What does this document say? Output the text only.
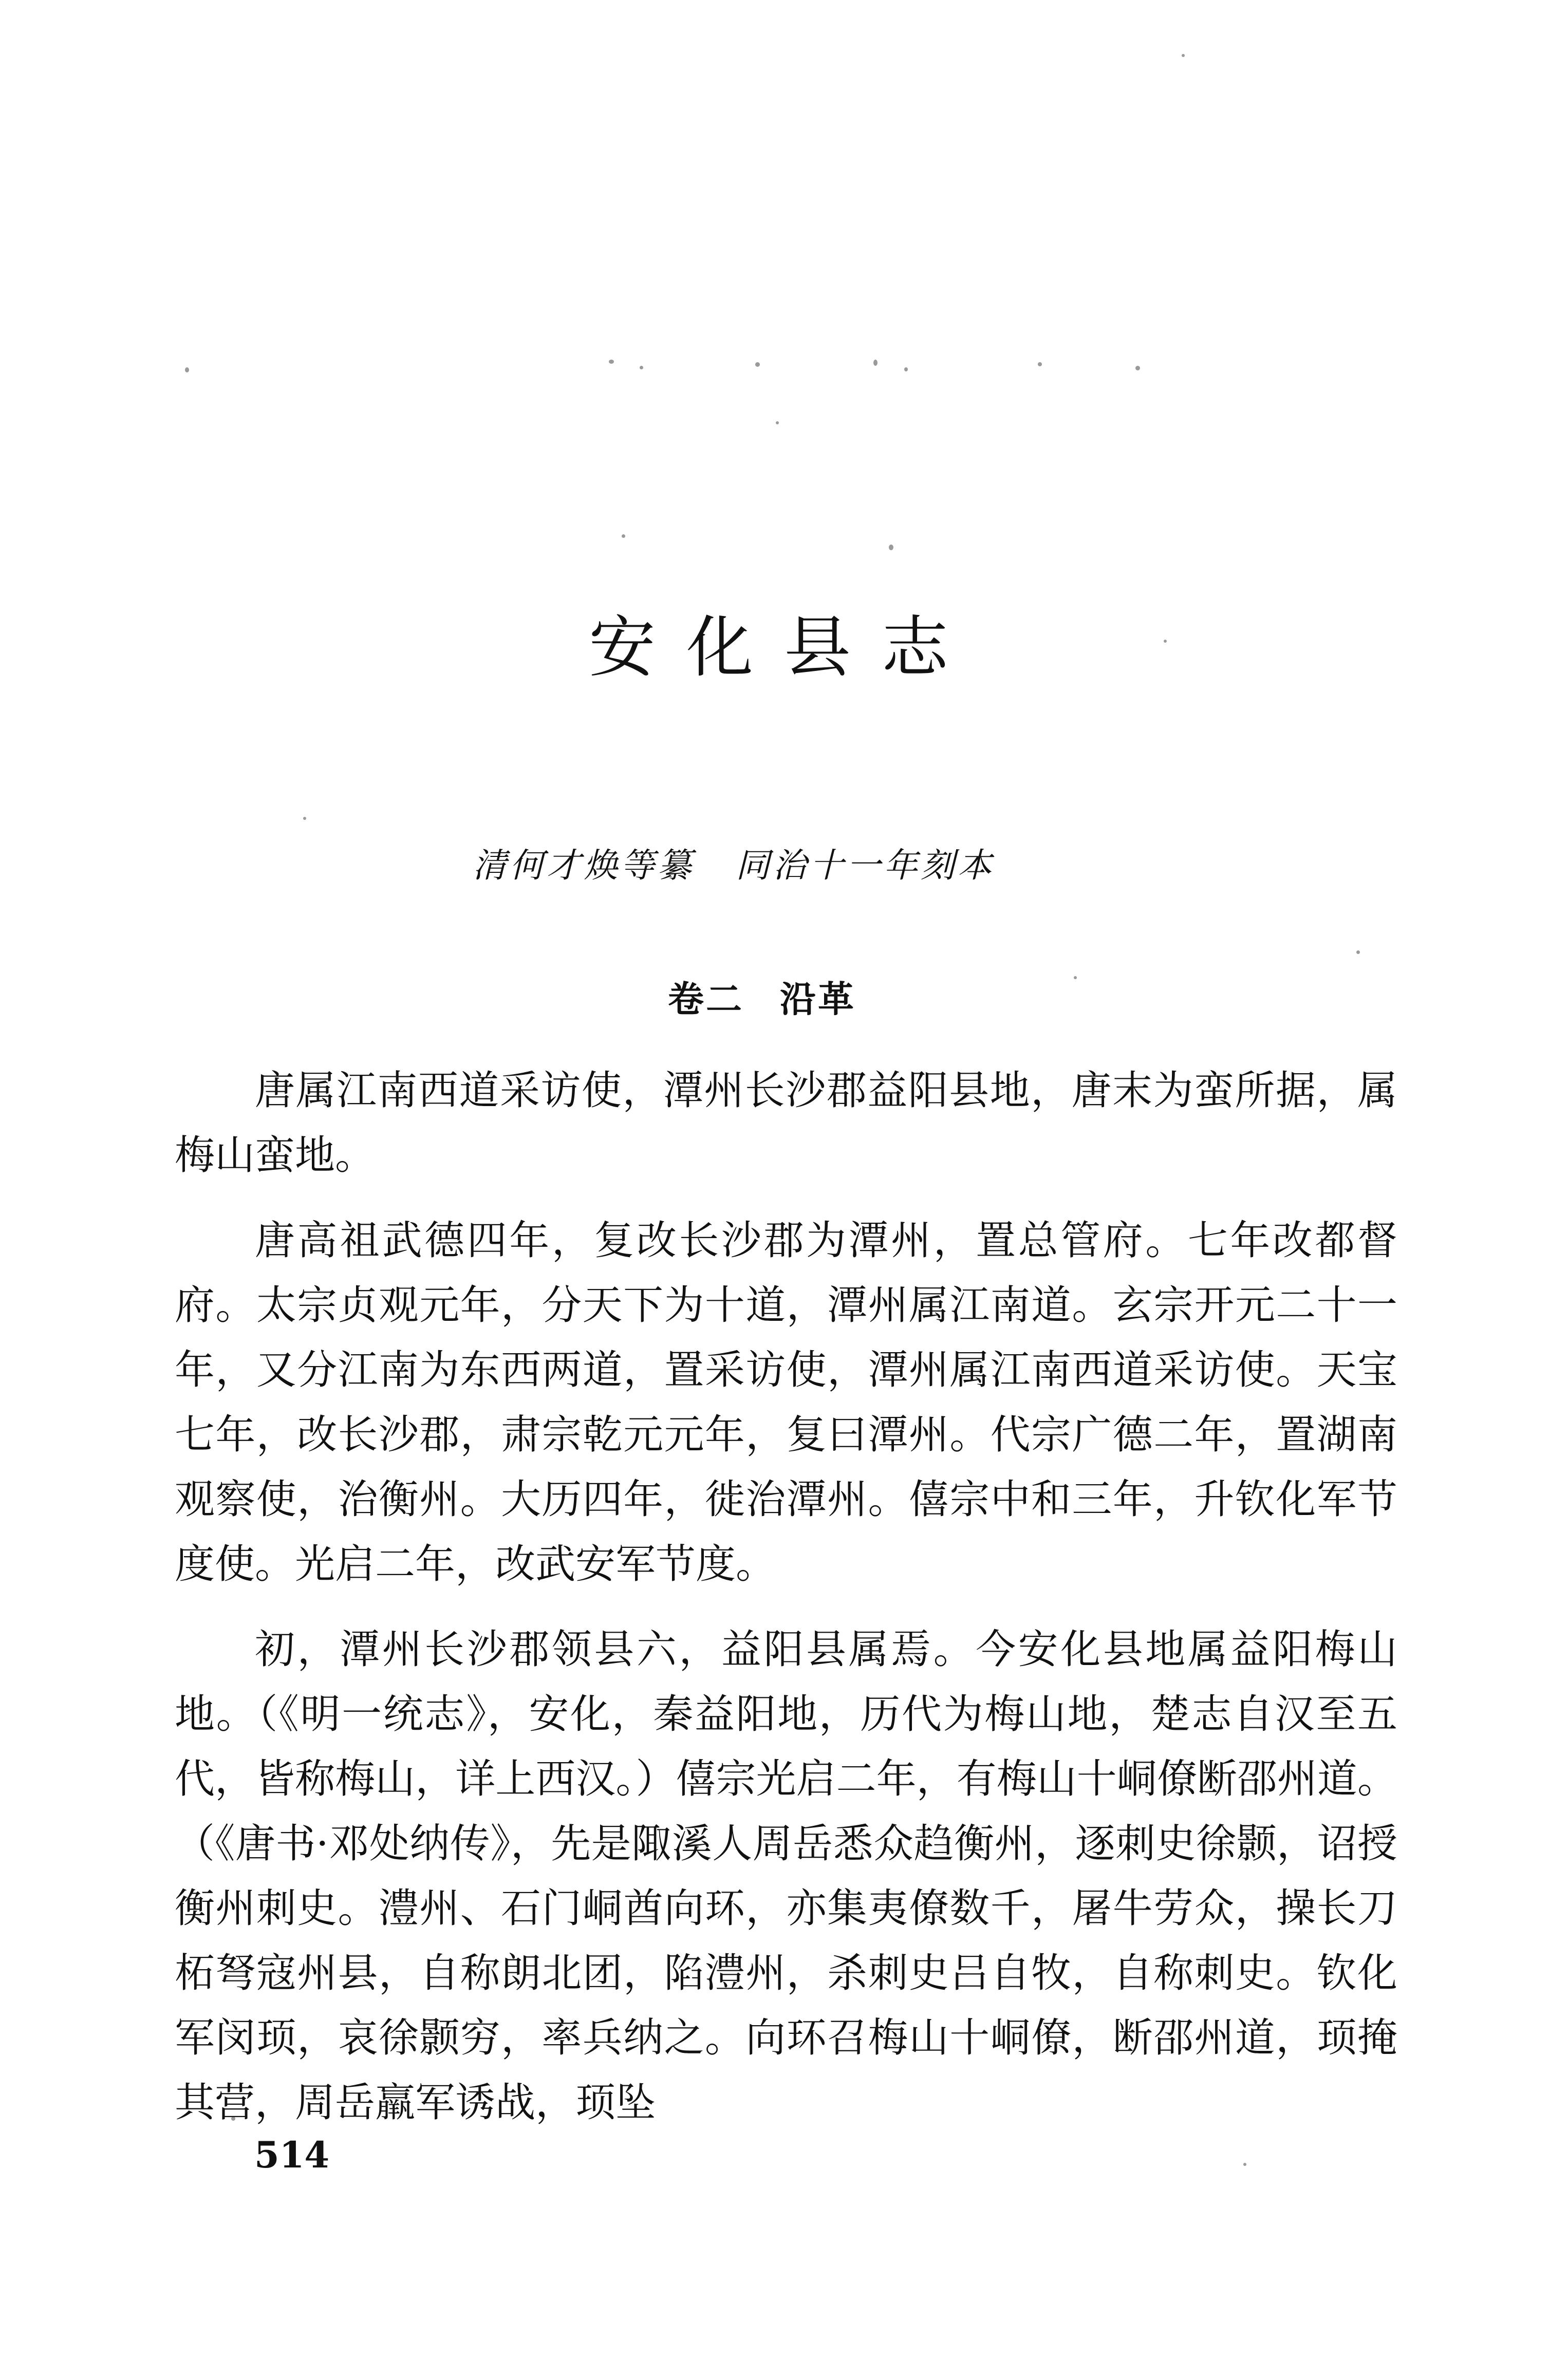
安化县志
清何才焕等纂 同治十一年刻本
卷二 沿革

唐属江南西道采访使，潭州长沙郡益阳县地，唐末为蛮所据，属梅山蛮地。

唐高祖武德四年，复改长沙郡为潭州，置总管府。七年改都督府。太宗贞观元年，分天下为十道，潭州属江南道。玄宗开元二十一年，又分江南为东西两道，置采访使，潭州属江南西道采访使。天宝七年，改长沙郡，肃宗乾元元年，复曰潭州。代宗广德二年，置湖南观察使，治衡州。大历四年，徙治潭州。僖宗中和三年，升钦化军节度使。光启二年，改武安军节度。

初，潭州长沙郡领县六，益阳县属焉。今安化县地属益阳梅山地。（《明一统志》，安化，秦益阳地，历代为梅山地，楚志自汉至五代，皆称梅山，详上西汉。）僖宗光启二年，有梅山十峒僚断邵州道。（《唐书·邓处纳传》，先是陬溪人周岳悉众趋衡州，逐刺史徐颢，诏授衡州刺史。澧州、石门峒酋向环，亦集夷僚数千，屠牛劳众，操长刀柘弩寇州县，自称朗北团，陷澧州，杀刺史吕自牧，自称刺史。钦化军闵顼，哀徐颢穷，率兵纳之。向环召梅山十峒僚，断邵州道，顼掩其营，周岳羸军诱战，顼坠

514
